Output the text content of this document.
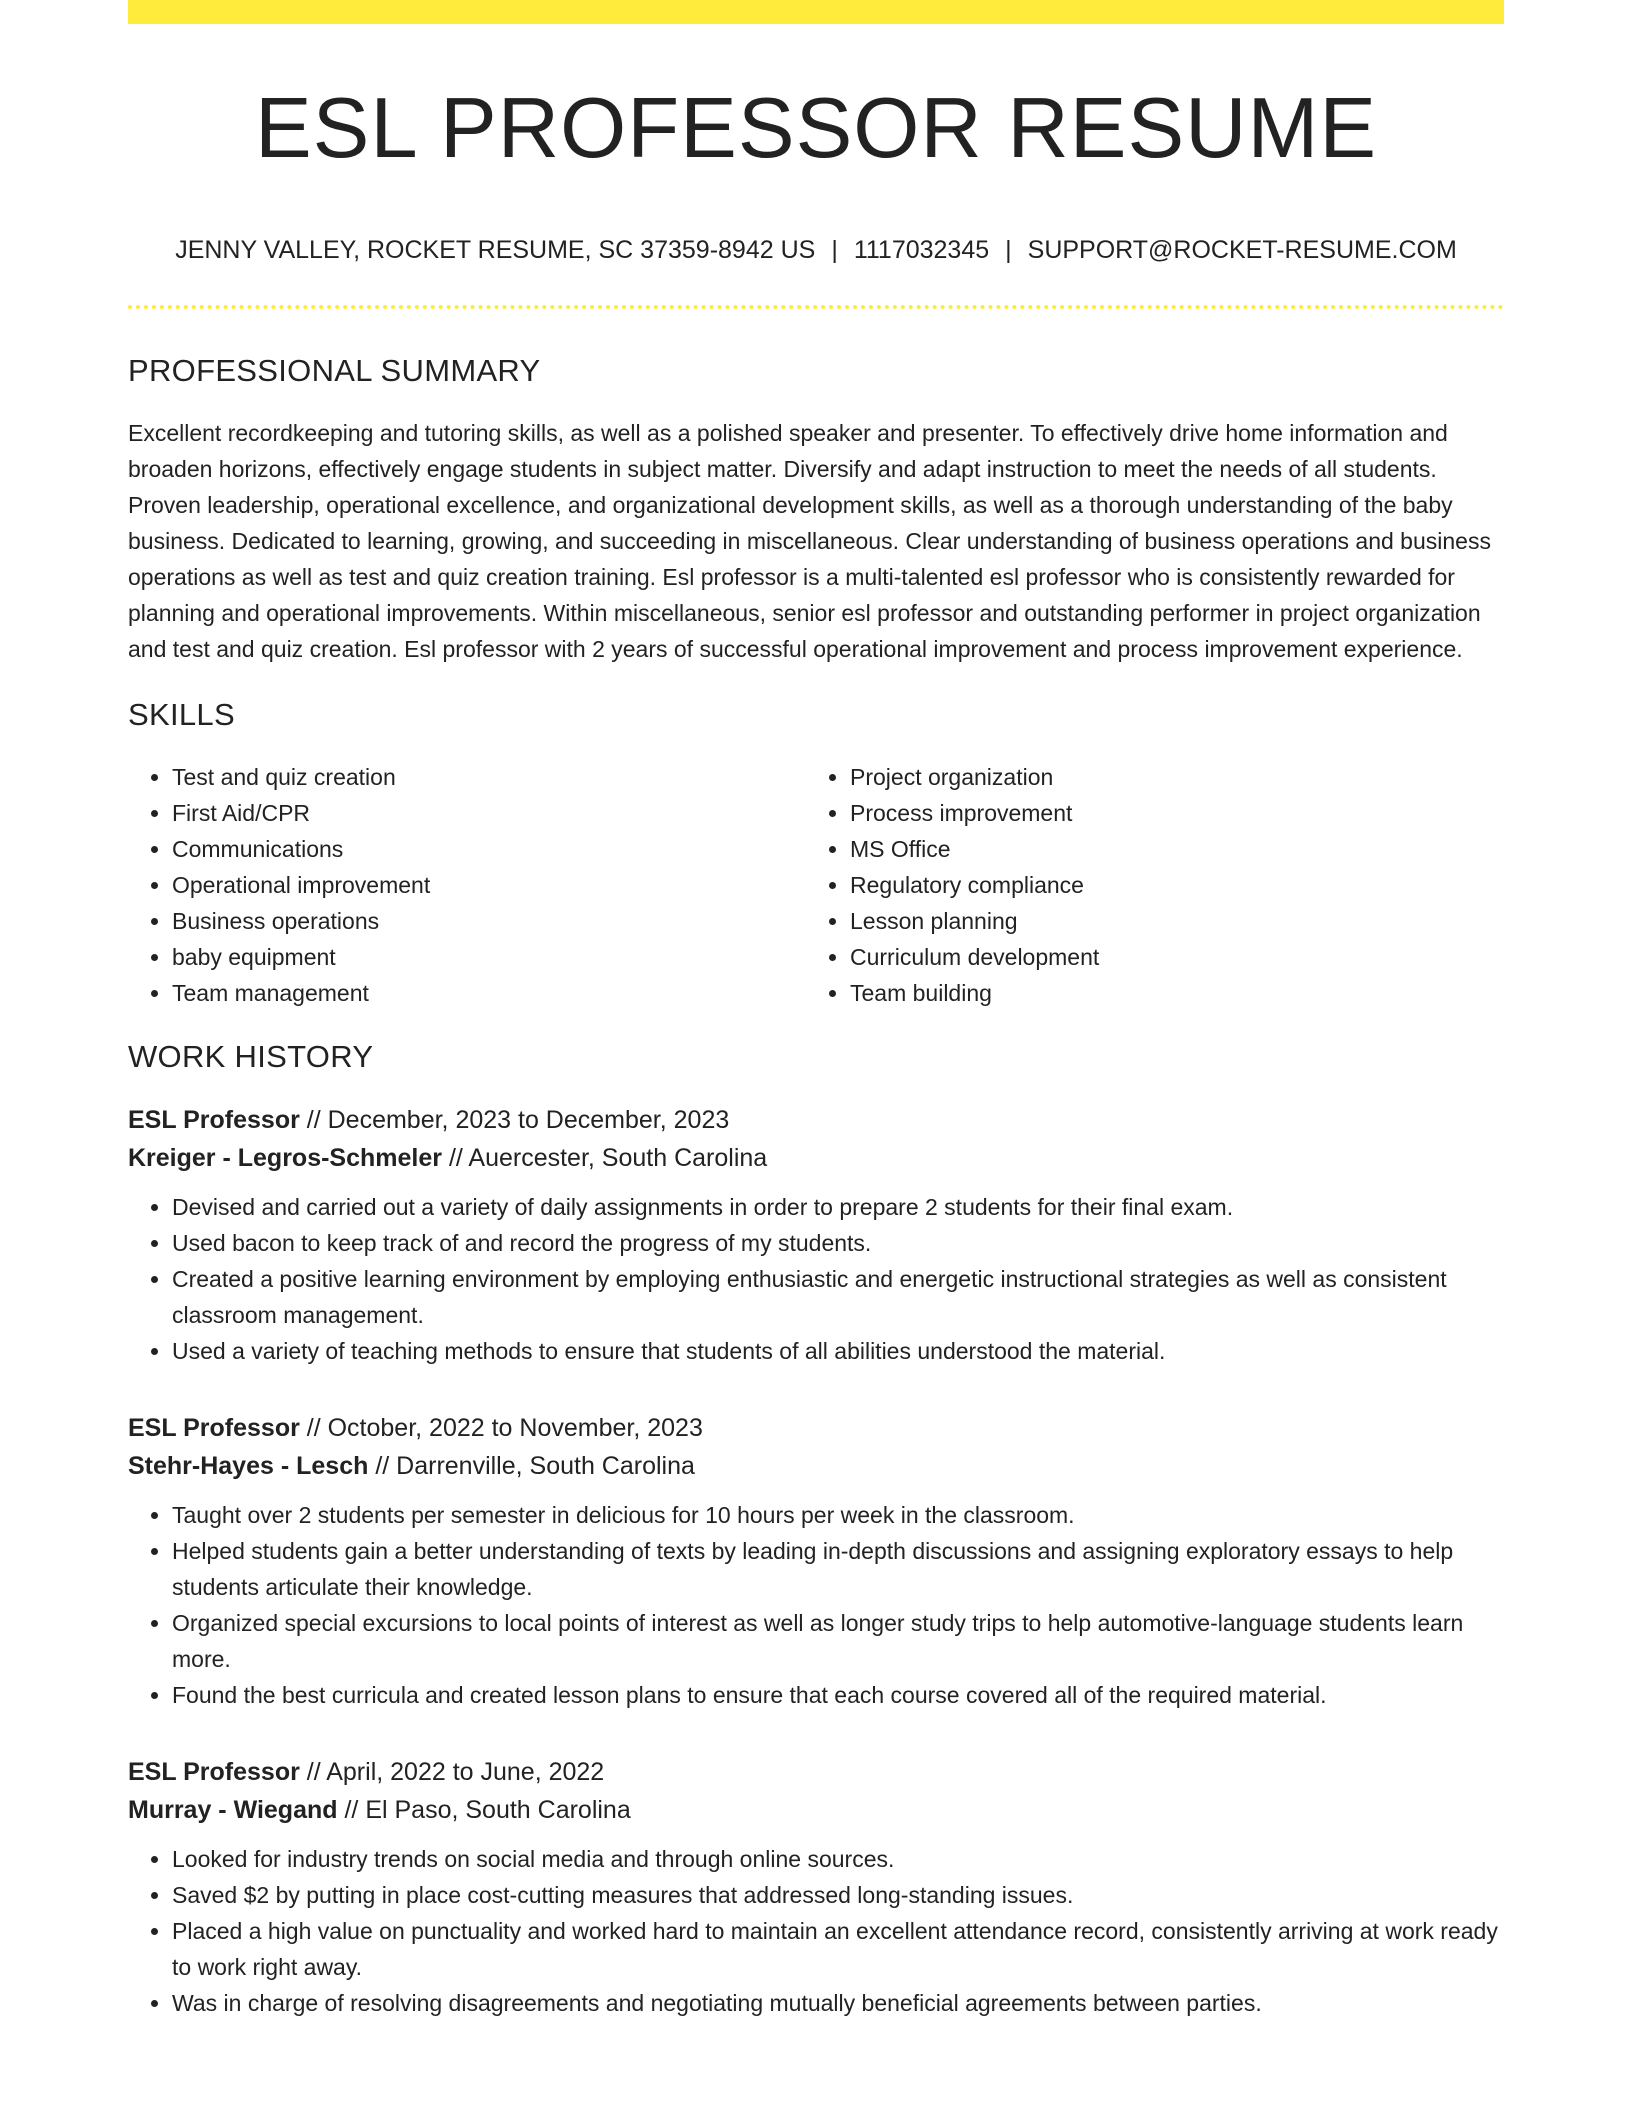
ESL PROFESSOR RESUME
JENNY VALLEY, ROCKET RESUME, SC 37359-8942 US | 1117032345 | SUPPORT@ROCKET-RESUME.COM
PROFESSIONAL SUMMARY

Excellent recordkeeping and tutoring skills, as well as a polished speaker and presenter. To effectively drive home information and broaden horizons, effectively engage students in subject matter. Diversify and adapt instruction to meet the needs of all students. Proven leadership, operational excellence, and organizational development skills, as well as a thorough understanding of the baby business. Dedicated to learning, growing, and succeeding in miscellaneous. Clear understanding of business operations and business operations as well as test and quiz creation training. Esl professor is a multi-talented esl professor who is consistently rewarded for planning and operational improvements. Within miscellaneous, senior esl professor and outstanding performer in project organization and test and quiz creation. Esl professor with 2 years of successful operational improvement and process improvement experience.

SKILLS
• Test and quiz creation
• First Aid/CPR
• Communications
• Operational improvement
• Business operations
• baby equipment
• Team management
• Project organization
• Process improvement
• MS Office
• Regulatory compliance
• Lesson planning
• Curriculum development
• Team building
WORK HISTORY
ESL Professor // December, 2023 to December, 2023
Kreiger - Legros-Schmeler // Auercester, South Carolina
• Devised and carried out a variety of daily assignments in order to prepare 2 students for their final exam.
• Used bacon to keep track of and record the progress of my students.
• Created a positive learning environment by employing enthusiastic and energetic instructional strategies as well as consistent classroom management.
• Used a variety of teaching methods to ensure that students of all abilities understood the material.
ESL Professor // October, 2022 to November, 2023
Stehr-Hayes - Lesch // Darrenville, South Carolina
• Taught over 2 students per semester in delicious for 10 hours per week in the classroom.
• Helped students gain a better understanding of texts by leading in-depth discussions and assigning exploratory essays to help students articulate their knowledge.
• Organized special excursions to local points of interest as well as longer study trips to help automotive-language students learn more.
• Found the best curricula and created lesson plans to ensure that each course covered all of the required material.
ESL Professor // April, 2022 to June, 2022
Murray - Wiegand // El Paso, South Carolina
• Looked for industry trends on social media and through online sources.
• Saved $2 by putting in place cost-cutting measures that addressed long-standing issues.
• Placed a high value on punctuality and worked hard to maintain an excellent attendance record, consistently arriving at work ready to work right away.
• Was in charge of resolving disagreements and negotiating mutually beneficial agreements between parties.
